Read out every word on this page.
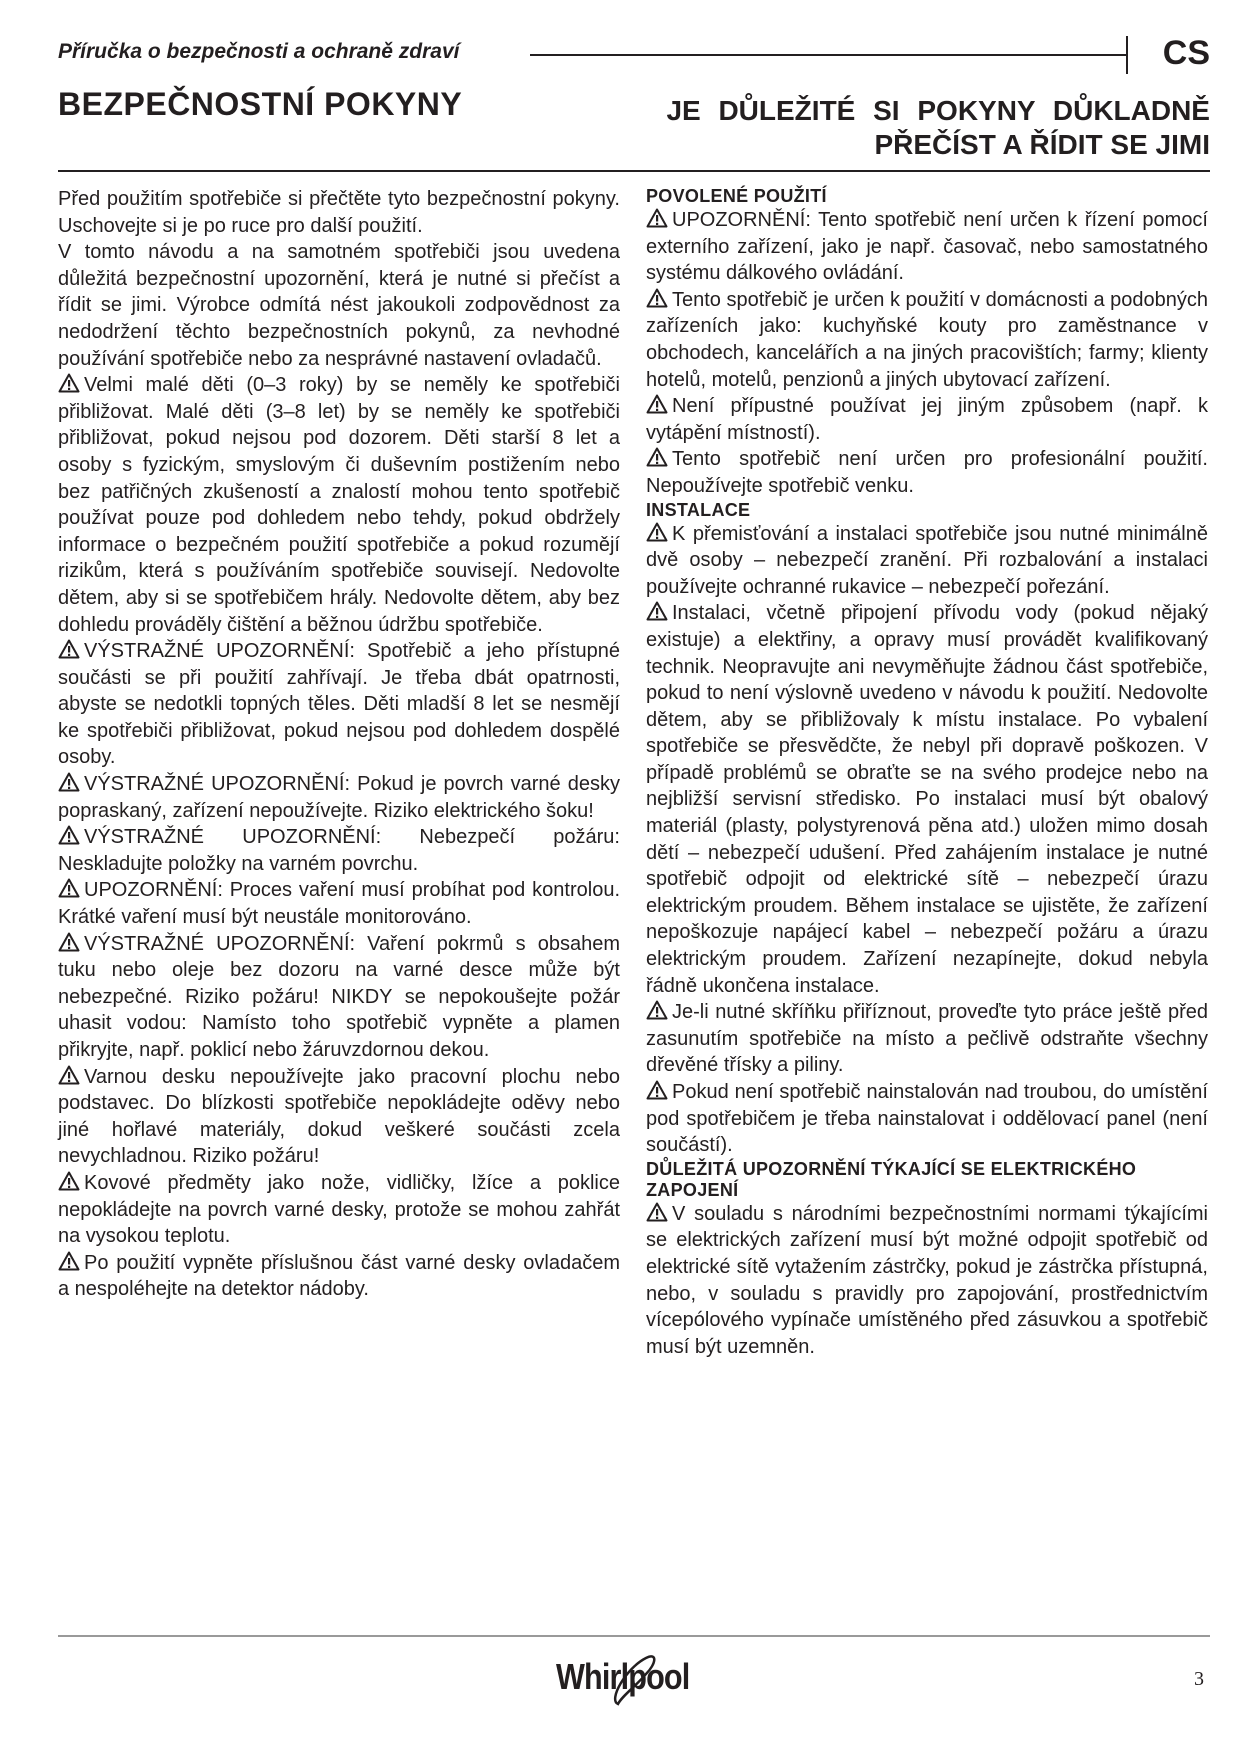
Příručka o bezpečnosti a ochraně zdraví	CS
BEZPEČNOSTNÍ POKYNY	JE DŮLEŽITÉ SI POKYNY DŮKLADNĚ
PŘEČÍST A ŘÍDIT SE JIMI

Před použitím spotřebiče si přečtěte tyto bezpečnostní pokyny. Uschovejte si je po ruce pro další použití.

V tomto návodu a na samotném spotřebiči jsou uvedena důležitá bezpečnostní upozornění, která je nutné si přečíst a řídit se jimi. Výrobce odmítá nést jakoukoli zodpovědnost za nedodržení těchto bezpečnostních pokynů, za nevhodné používání spotřebiče nebo za nesprávné nastavení ovladačů.

Velmi malé děti (0–3 roky) by se neměly ke spotřebiči přibližovat. Malé děti (3–8 let) by se neměly ke spotřebiči přibližovat, pokud nejsou pod dozorem. Děti starší 8 let a osoby s fyzickým, smyslovým či duševním postižením nebo bez patřičných zkušeností a znalostí mohou tento spotřebič používat pouze pod dohledem nebo tehdy, pokud obdržely informace o bezpečném použití spotřebiče a pokud rozumějí rizikům, která s používáním spotřebiče souvisejí. Nedovolte dětem, aby si se spotřebičem hrály. Nedovolte dětem, aby bez dohledu prováděly čištění a běžnou údržbu spotřebiče.

VÝSTRAŽNÉ UPOZORNĚNÍ: Spotřebič a jeho přístupné součásti se při použití zahřívají. Je třeba dbát opatrnosti, abyste se nedotkli topných těles. Děti mladší 8 let se nesmějí ke spotřebiči přibližovat, pokud nejsou pod dohledem dospělé osoby.

VÝSTRAŽNÉ UPOZORNĚNÍ: Pokud je povrch varné desky popraskaný, zařízení nepoužívejte. Riziko elektrického šoku!

VÝSTRAŽNÉ UPOZORNĚNÍ: Nebezpečí požáru: Neskladujte položky na varném povrchu.

UPOZORNĚNÍ: Proces vaření musí probíhat pod kontrolou. Krátké vaření musí být neustále monitorováno.

VÝSTRAŽNÉ UPOZORNĚNÍ: Vaření pokrmů s obsahem tuku nebo oleje bez dozoru na varné desce může být nebezpečné. Riziko požáru! NIKDY se nepokoušejte požár uhasit vodou: Namísto toho spotřebič vypněte a plamen přikryjte, např. poklicí nebo žáruvzdornou dekou.

Varnou desku nepoužívejte jako pracovní plochu nebo podstavec. Do blízkosti spotřebiče nepokládejte oděvy nebo jiné hořlavé materiály, dokud veškeré součásti zcela nevychladnou. Riziko požáru!

Kovové předměty jako nože, vidličky, lžíce a poklice nepokládejte na povrch varné desky, protože se mohou zahřát na vysokou teplotu.

Po použití vypněte příslušnou část varné desky ovladačem a nespoléhejte na detektor nádoby.

POVOLENÉ POUŽITÍ

UPOZORNĚNÍ: Tento spotřebič není určen k řízení pomocí externího zařízení, jako je např. časovač, nebo samostatného systému dálkového ovládání.

Tento spotřebič je určen k použití v domácnosti a podobných zařízeních jako: kuchyňské kouty pro zaměstnance v obchodech, kancelářích a na jiných pracovištích; farmy; klienty hotelů, motelů, penzionů a jiných ubytovací zařízení.

Není přípustné používat jej jiným způsobem (např. k vytápění místností).

Tento spotřebič není určen pro profesionální použití. Nepoužívejte spotřebič venku.

INSTALACE

K přemisťování a instalaci spotřebiče jsou nutné minimálně dvě osoby – nebezpečí zranění. Při rozbalování a instalaci používejte ochranné rukavice – nebezpečí pořezání.

Instalaci, včetně připojení přívodu vody (pokud nějaký existuje) a elektřiny, a opravy musí provádět kvalifikovaný technik. Neopravujte ani nevyměňujte žádnou část spotřebiče, pokud to není výslovně uvedeno v návodu k použití. Nedovolte dětem, aby se přibližovaly k místu instalace. Po vybalení spotřebiče se přesvědčte, že nebyl při dopravě poškozen. V případě problémů se obraťte se na svého prodejce nebo na nejbližší servisní středisko. Po instalaci musí být obalový materiál (plasty, polystyrenová pěna atd.) uložen mimo dosah dětí – nebezpečí udušení. Před zahájením instalace je nutné spotřebič odpojit od elektrické sítě – nebezpečí úrazu elektrickým proudem. Během instalace se ujistěte, že zařízení nepoškozuje napájecí kabel – nebezpečí požáru a úrazu elektrickým proudem. Zařízení nezapínejte, dokud nebyla řádně ukončena instalace.

Je-li nutné skříňku přiříznout, proveďte tyto práce ještě před zasunutím spotřebiče na místo a pečlivě odstraňte všechny dřevěné třísky a piliny.

Pokud není spotřebič nainstalován nad troubou, do umístění pod spotřebičem je třeba nainstalovat i oddělovací panel (není součástí).

DŮLEŽITÁ UPOZORNĚNÍ TÝKAJÍCÍ SE ELEKTRICKÉHO ZAPOJENÍ

V souladu s národními bezpečnostními normami týkajícími se elektrických zařízení musí být možné odpojit spotřebič od elektrické sítě vytažením zástrčky, pokud je zástrčka přístupná, nebo, v souladu s pravidly pro zapojování, prostřednictvím vícepólového vypínače umístěného před zásuvkou a spotřebič musí být uzemněn.

Whirlpool	3
